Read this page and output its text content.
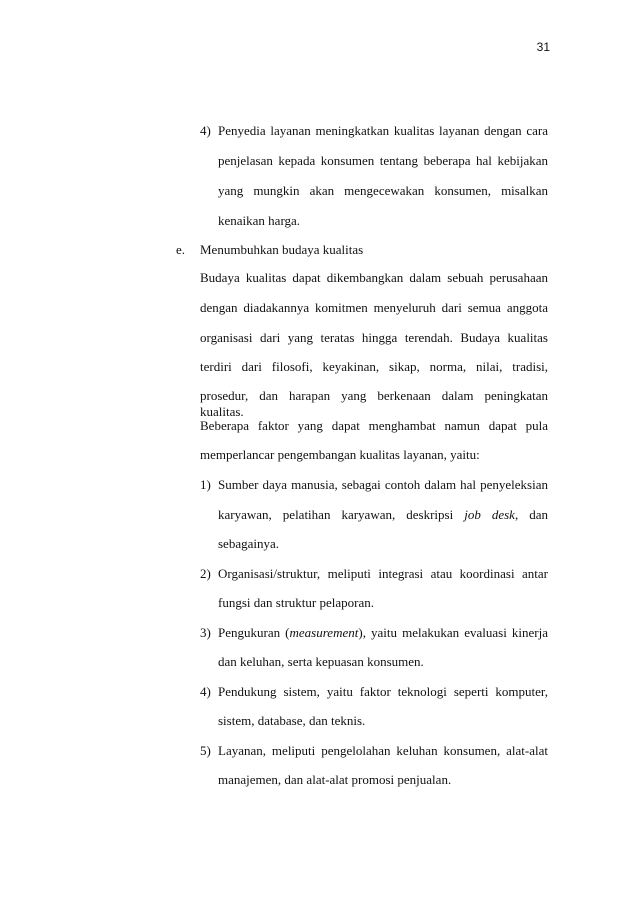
31
4) Penyedia layanan meningkatkan kualitas layanan dengan cara
penjelasan kepada konsumen tentang beberapa hal kebijakan
yang mungkin akan mengecewakan konsumen, misalkan
kenaikan harga.
e. Menumbuhkan budaya kualitas
Budaya kualitas dapat dikembangkan dalam sebuah perusahaan
dengan diadakannya komitmen menyeluruh dari semua anggota
organisasi dari yang teratas hingga terendah. Budaya kualitas
terdiri dari filosofi, keyakinan, sikap, norma, nilai, tradisi,
prosedur, dan harapan yang berkenaan dalam peningkatan kualitas.
Beberapa faktor yang dapat menghambat namun dapat pula
memperlancar pengembangan kualitas layanan, yaitu:
1) Sumber daya manusia, sebagai contoh dalam hal penyeleksian
karyawan, pelatihan karyawan, deskripsi job desk, dan
sebagainya.
2) Organisasi/struktur, meliputi integrasi atau koordinasi antar
fungsi dan struktur pelaporan.
3) Pengukuran (measurement), yaitu melakukan evaluasi kinerja
dan keluhan, serta kepuasan konsumen.
4) Pendukung sistem, yaitu faktor teknologi seperti komputer,
sistem, database, dan teknis.
5) Layanan, meliputi pengelolahan keluhan konsumen, alat-alat
manajemen, dan alat-alat promosi penjualan.
